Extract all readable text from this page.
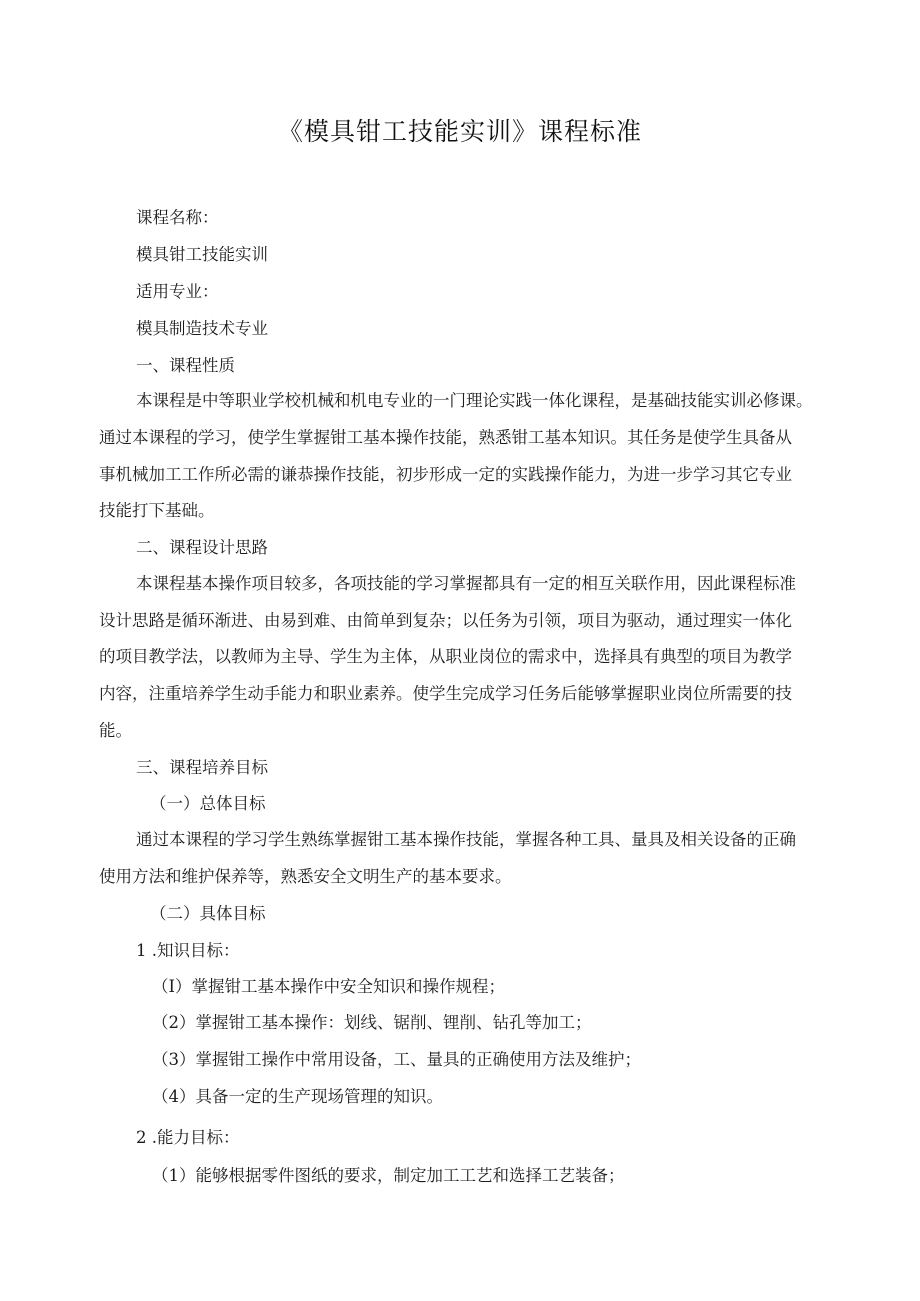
《模具钳工技能实训》课程标准
课程名称：
模具钳工技能实训
适用专业：
模具制造技术专业
一、课程性质
本课程是中等职业学校机械和机电专业的一门理论实践一体化课程，是基础技能实训必修课。
通过本课程的学习，使学生掌握钳工基本操作技能，熟悉钳工基本知识。其任务是使学生具备从
事机械加工工作所必需的谦恭操作技能，初步形成一定的实践操作能力，为进一步学习其它专业
技能打下基础。
二、课程设计思路
本课程基本操作项目较多，各项技能的学习掌握都具有一定的相互关联作用，因此课程标准
设计思路是循环渐进、由易到难、由简单到复杂；以任务为引领，项目为驱动，通过理实一体化
的项目教学法，以教师为主导、学生为主体，从职业岗位的需求中，选择具有典型的项目为教学
内容，注重培养学生动手能力和职业素养。使学生完成学习任务后能够掌握职业岗位所需要的技
能。
三、课程培养目标
（一）总体目标
通过本课程的学习学生熟练掌握钳工基本操作技能，掌握各种工具、量具及相关设备的正确
使用方法和维护保养等，熟悉安全文明生产的基本要求。
（二）具体目标
1 .知识目标：
（I）掌握钳工基本操作中安全知识和操作规程；
（2）掌握钳工基本操作：划线、锯削、锂削、钻孔等加工；
（3）掌握钳工操作中常用设备，工、量具的正确使用方法及维护；
（4）具备一定的生产现场管理的知识。
2 .能力目标：
（1）能够根据零件图纸的要求，制定加工工艺和选择工艺装备；
